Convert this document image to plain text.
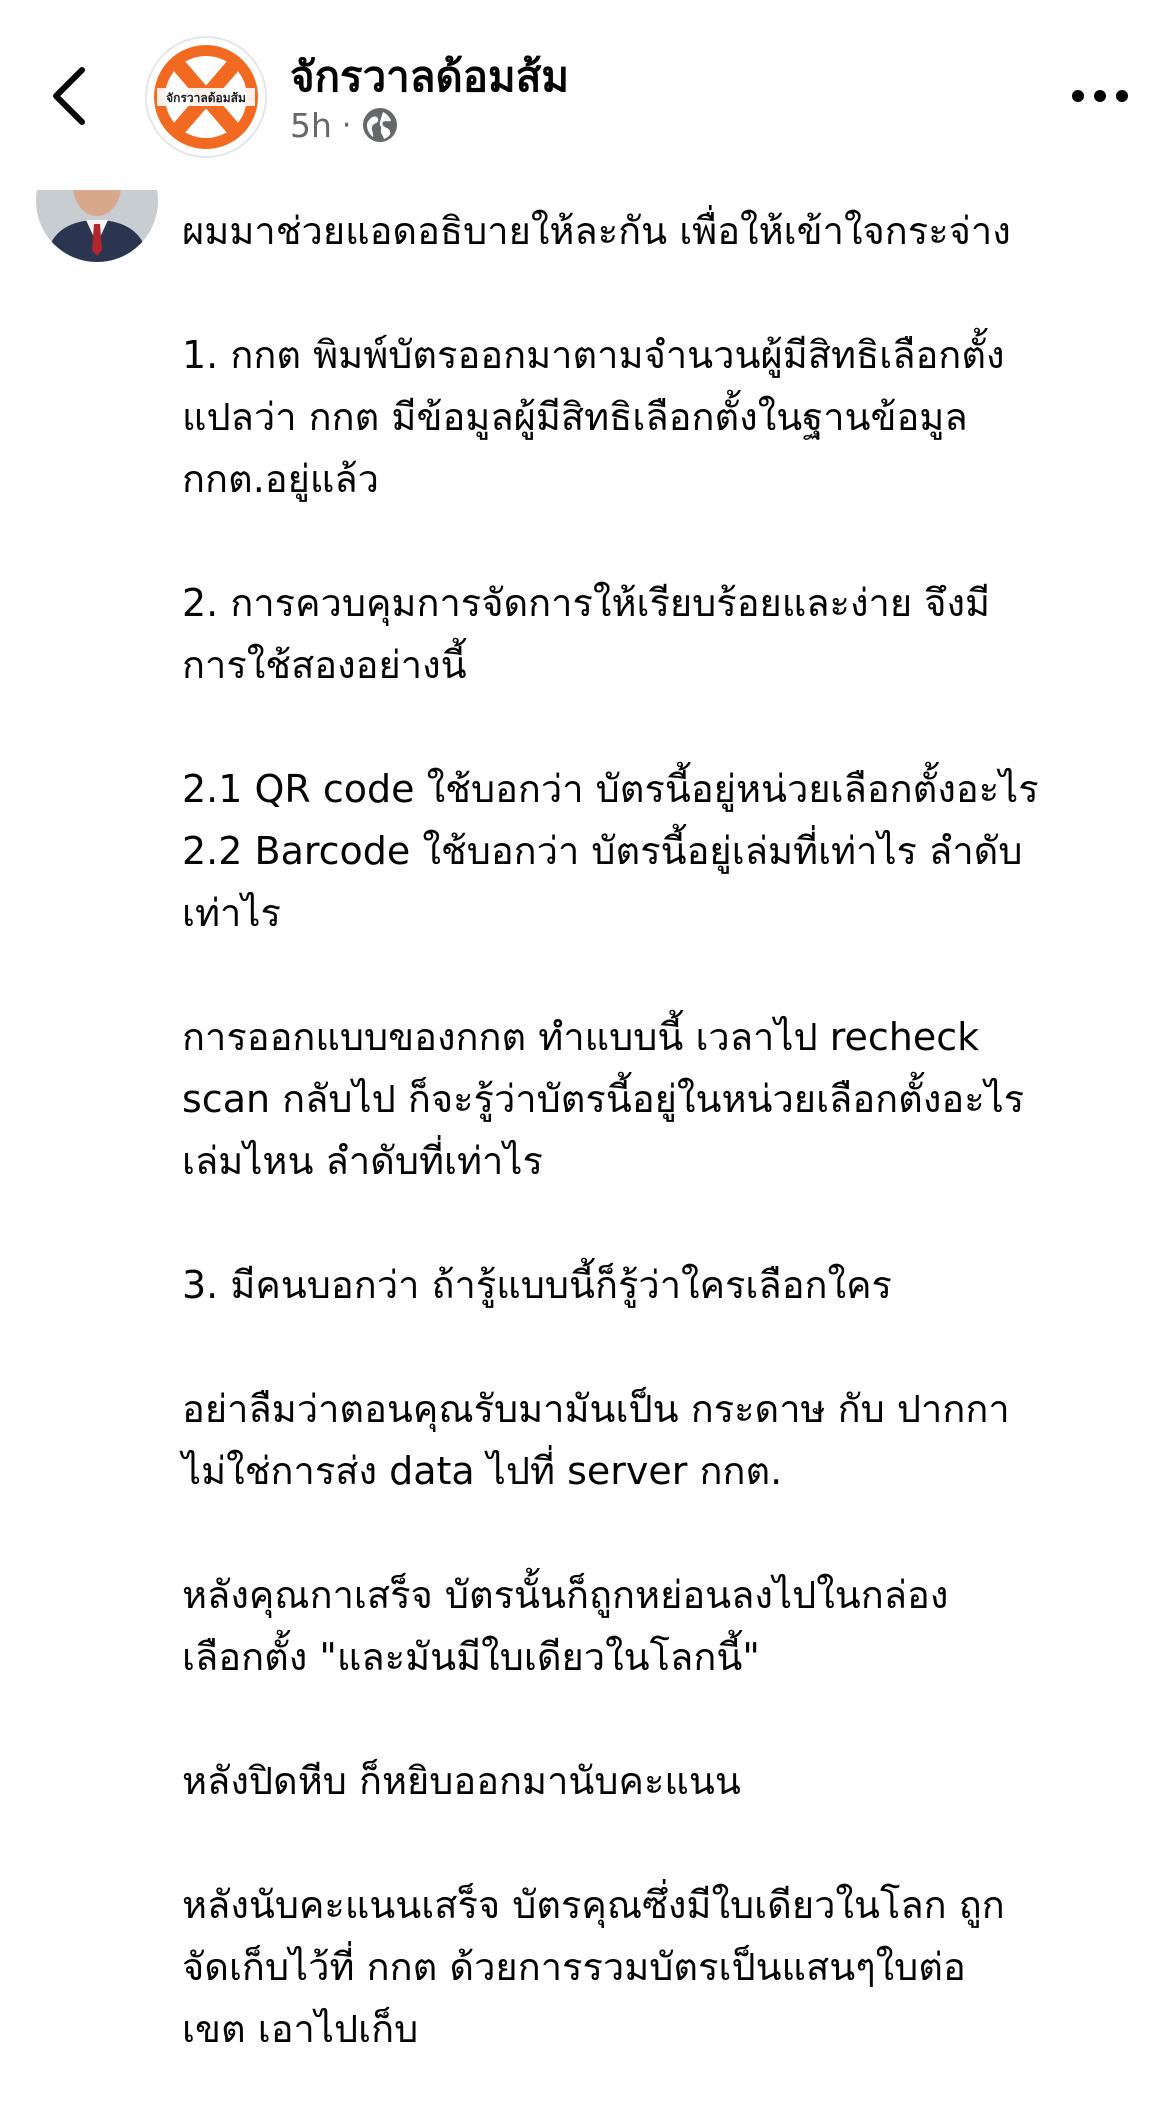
จักรวาลด้อมส้ม จักรวาลด้อมส้ม
5h ·

ผมมาช่วยแอดอธิบายให้ละกัน เพื่อให้เข้าใจกระจ่าง

1. กกต พิมพ์บัตรออกมาตามจำนวนผู้มีสิทธิเลือกตั้ง
แปลว่า กกต มีข้อมูลผู้มีสิทธิเลือกตั้งในฐานข้อมูล
กกต.อยู่แล้ว

2. การควบคุมการจัดการให้เรียบร้อยและง่าย จึงมี
การใช้สองอย่างนี้

2.1 QR code ใช้บอกว่า บัตรนี้อยู่หน่วยเลือกตั้งอะไร
2.2 Barcode ใช้บอกว่า บัตรนี้อยู่เล่มที่เท่าไร ลำดับ
เท่าไร

การออกแบบของกกต ทำแบบนี้ เวลาไป recheck
scan กลับไป ก็จะรู้ว่าบัตรนี้อยู่ในหน่วยเลือกตั้งอะไร
เล่มไหน ลำดับที่เท่าไร

3. มีคนบอกว่า ถ้ารู้แบบนี้ก็รู้ว่าใครเลือกใคร

อย่าลืมว่าตอนคุณรับมามันเป็น กระดาษ กับ ปากกา
ไม่ใช่การส่ง data ไปที่ server กกต.

หลังคุณกาเสร็จ บัตรนั้นก็ถูกหย่อนลงไปในกล่อง
เลือกตั้ง "และมันมีใบเดียวในโลกนี้"

หลังปิดหีบ ก็หยิบออกมานับคะแนน

หลังนับคะแนนเสร็จ บัตรคุณซึ่งมีใบเดียวในโลก ถูก
จัดเก็บไว้ที่ กกต ด้วยการรวมบัตรเป็นแสนๆใบต่อ
เขต เอาไปเก็บ
